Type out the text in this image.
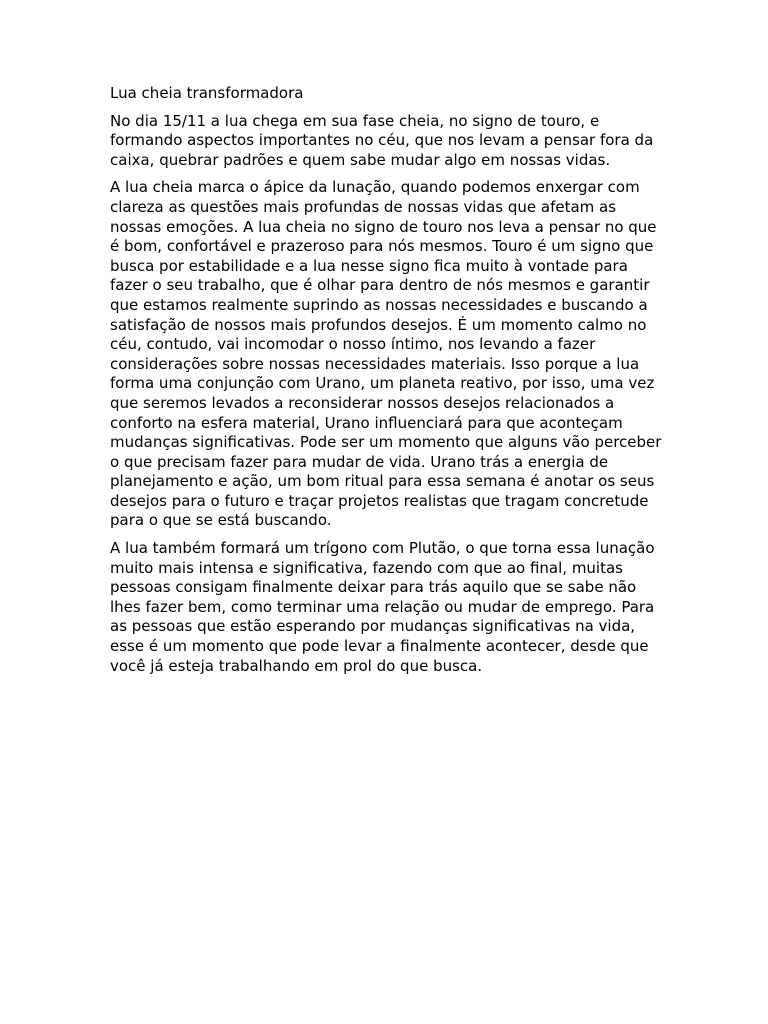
Lua cheia transformadora

No dia 15/11 a lua chega em sua fase cheia, no signo de touro, e formando aspectos importantes no céu, que nos levam a pensar fora da caixa, quebrar padrões e quem sabe mudar algo em nossas vidas.

A lua cheia marca o ápice da lunação, quando podemos enxergar com clareza as questões mais profundas de nossas vidas que afetam as nossas emoções. A lua cheia no signo de touro nos leva a pensar no que é bom, confortável e prazeroso para nós mesmos. Touro é um signo que busca por estabilidade e a lua nesse signo fica muito à vontade para fazer o seu trabalho, que é olhar para dentro de nós mesmos e garantir que estamos realmente suprindo as nossas necessidades e buscando a satisfação de nossos mais profundos desejos. É um momento calmo no céu, contudo, vai incomodar o nosso íntimo, nos levando a fazer considerações sobre nossas necessidades materiais. Isso porque a lua forma uma conjunção com Urano, um planeta reativo, por isso, uma vez que seremos levados a reconsiderar nossos desejos relacionados a conforto na esfera material, Urano influenciará para que aconteçam mudanças significativas. Pode ser um momento que alguns vão perceber o que precisam fazer para mudar de vida. Urano trás a energia de planejamento e ação, um bom ritual para essa semana é anotar os seus desejos para o futuro e traçar projetos realistas que tragam concretude para o que se está buscando.

A lua também formará um trígono com Plutão, o que torna essa lunação muito mais intensa e significativa, fazendo com que ao final, muitas pessoas consigam finalmente deixar para trás aquilo que se sabe não lhes fazer bem, como terminar uma relação ou mudar de emprego. Para as pessoas que estão esperando por mudanças significativas na vida, esse é um momento que pode levar a finalmente acontecer, desde que você já esteja trabalhando em prol do que busca.
